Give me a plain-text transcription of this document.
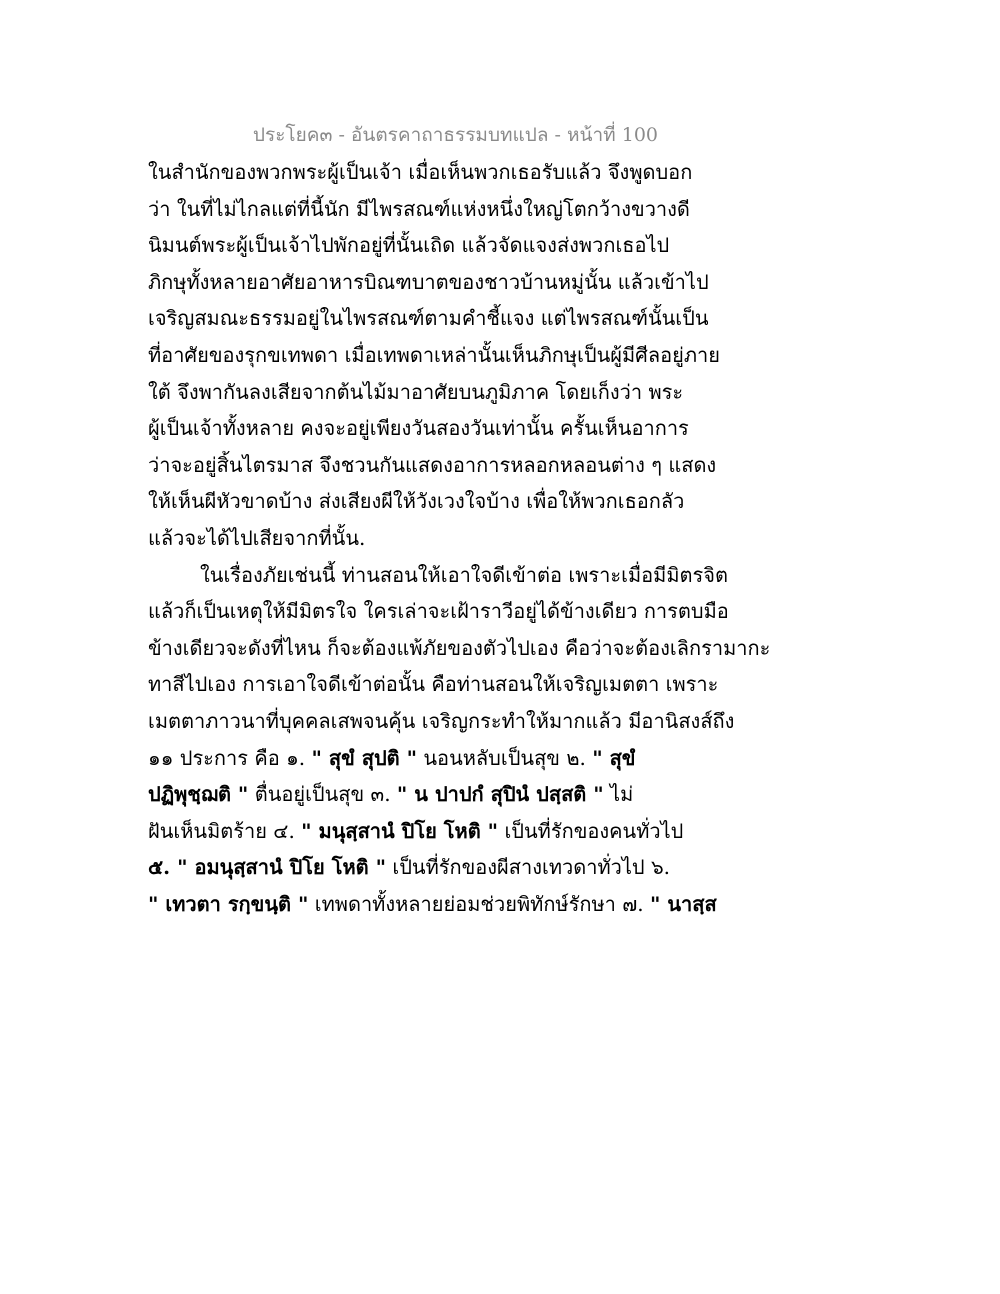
ประโยค๓ - อันตรคาถาธรรมบทแปล - หน้าที่ 100
ในสำนักของพวกพระผู้เป็นเจ้า เมื่อเห็นพวกเธอรับแล้ว จึงพูดบอก
ว่า ในที่ไม่ไกลแต่ที่นี้นัก มีไพรสณฑ์แห่งหนึ่งใหญ่โตกว้างขวางดี
นิมนต์พระผู้เป็นเจ้าไปพักอยู่ที่นั้นเถิด แล้วจัดแจงส่งพวกเธอไป
ภิกษุทั้งหลายอาศัยอาหารบิณฑบาตของชาวบ้านหมู่นั้น แล้วเข้าไป
เจริญสมณะธรรมอยู่ในไพรสณฑ์ตามคำชี้แจง แต่ไพรสณฑ์นั้นเป็น
ที่อาศัยของรุกขเทพดา เมื่อเทพดาเหล่านั้นเห็นภิกษุเป็นผู้มีศีลอยู่ภาย
ใต้ จึงพากันลงเสียจากต้นไม้มาอาศัยบนภูมิภาค โดยเก็งว่า พระ
ผู้เป็นเจ้าทั้งหลาย คงจะอยู่เพียงวันสองวันเท่านั้น ครั้นเห็นอาการ
ว่าจะอยู่สิ้นไตรมาส จึงชวนกันแสดงอาการหลอกหลอนต่าง ๆ แสดง
ให้เห็นผีหัวขาดบ้าง ส่งเสียงผีให้วังเวงใจบ้าง เพื่อให้พวกเธอกลัว
แล้วจะได้ไปเสียจากที่นั้น.
ในเรื่องภัยเช่นนี้ ท่านสอนให้เอาใจดีเข้าต่อ เพราะเมื่อมีมิตรจิต
แล้วก็เป็นเหตุให้มีมิตรใจ ใครเล่าจะเฝ้าราวีอยู่ได้ข้างเดียว การตบมือ
ข้างเดียวจะดังที่ไหน ก็จะต้องแพ้ภัยของตัวไปเอง คือว่าจะต้องเลิกรามากะ
ทาสีไปเอง การเอาใจดีเข้าต่อนั้น คือท่านสอนให้เจริญเมตตา เพราะ
เมตตาภาวนาที่บุคคลเสพจนคุ้น เจริญกระทำให้มากแล้ว มีอานิสงส์ถึง
๑๑ ประการ คือ ๑. " สุขํ สุปติ " นอนหลับเป็นสุข ๒. " สุขํ
ปฏิพุชฺฌติ " ตื่นอยู่เป็นสุข ๓. " น ปาปกํ สุปินํ ปสฺสติ " ไม่
ฝันเห็นมิตร้าย ๔. " มนุสฺสานํ ปิโย โหติ " เป็นที่รักของคนทั่วไป
๕. " อมนุสฺสานํ ปิโย โหติ " เป็นที่รักของผีสางเทวดาทั่วไป ๖.
" เทวตา รกฺขนฺติ " เทพดาทั้งหลายย่อมช่วยพิทักษ์รักษา ๗. " นาสฺส
